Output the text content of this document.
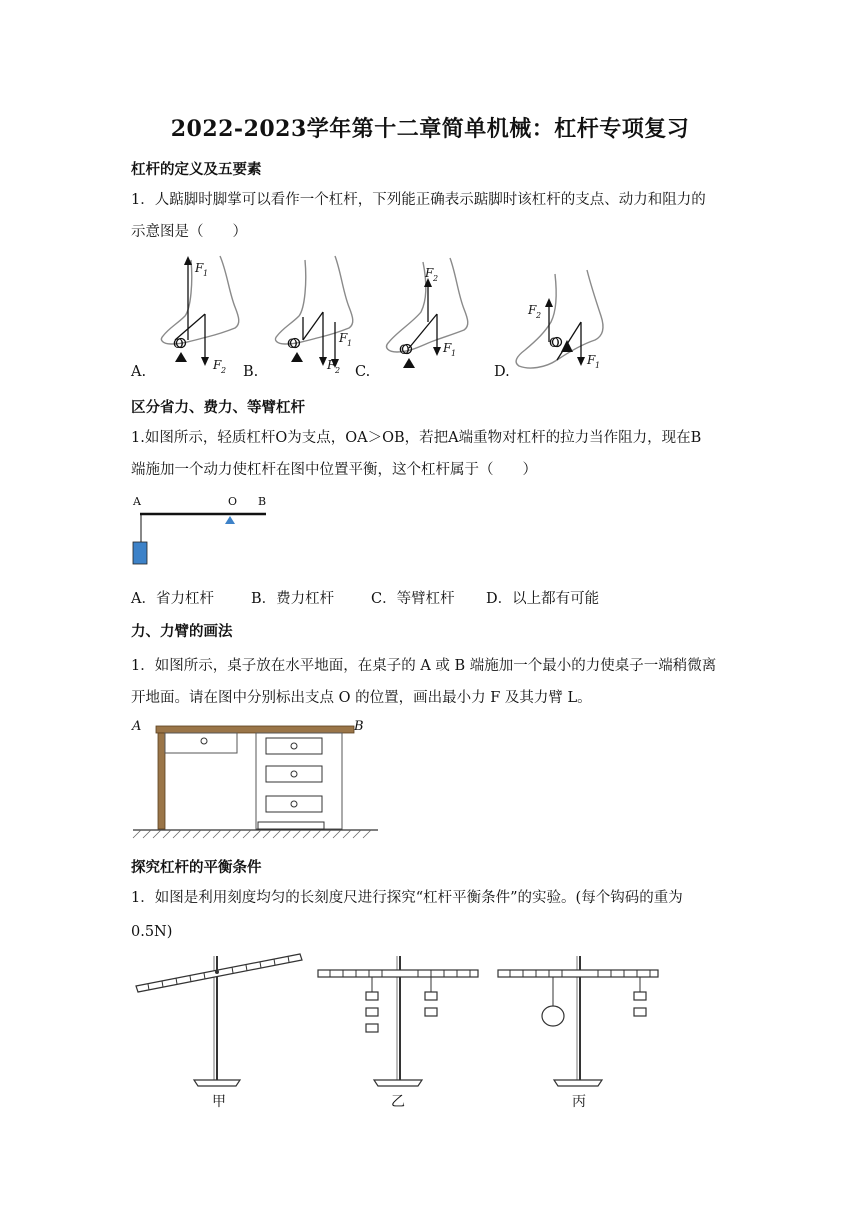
2022-2023学年第十二章简单机械：杠杆专项复习
杠杆的定义及五要素
1．人踮脚时脚掌可以看作一个杠杆，下列能正确表示踮脚时该杠杆的支点、动力和阻力的
示意图是（　　）
F 1
F 2
F 1
F 2
F 2
F 1
F 2
F 1
O	O	O	O
A.	B.	C.	D.
区分省力、费力、等臂杠杆
1.如图所示，轻质杠杆O为支点，OA＞OB，若把A端重物对杠杆的拉力当作阻力，现在B
端施加一个动力使杠杆在图中位置平衡，这个杠杆属于（　　）
A	O B
A．省力杠杆	B．费力杠杆	C．等臂杠杆 D．以上都有可能
力、力臂的画法
1．如图所示，桌子放在水平地面，在桌子的 A 或 B 端施加一个最小的力使桌子一端稍微离
开地面。请在图中分别标出支点 O 的位置，画出最小力 F 及其力臂 L。
A	B
探究杠杆的平衡条件
1．如图是利用刻度均匀的长刻度尺进行探究“杠杆平衡条件”的实验。(每个钩码的重为
0.5N)
甲	乙	丙
